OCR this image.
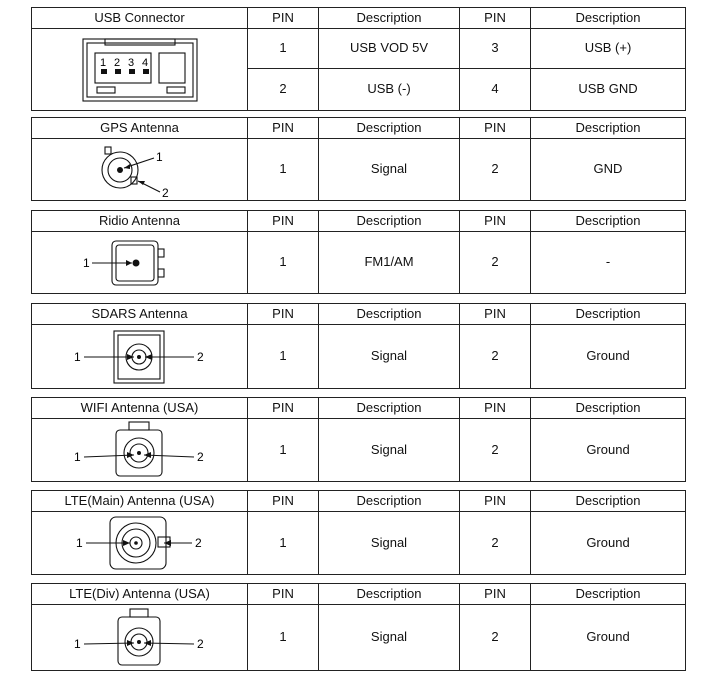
USB Connector	PIN	Description	PIN	Description

1 2 3 4	1	USB VOD 5V	3	USB (+)
	2	USB (-)	4	USB GND
GPS Antenna	PIN	Description	PIN	Description

1
2	1	Signal	2	GND
Ridio Antenna	PIN	Description	PIN	Description

1	1	FM1/AM	2	-
SDARS Antenna	PIN	Description	PIN	Description

1 2	1	Signal	2	Ground
WIFI Antenna (USA)	PIN	Description	PIN	Description

1 2	1	Signal	2	Ground
LTE(Main) Antenna (USA)	PIN	Description	PIN	Description

1 2	1	Signal	2	Ground
LTE(Div) Antenna (USA)	PIN	Description	PIN	Description

1 2	1	Signal	2	Ground
